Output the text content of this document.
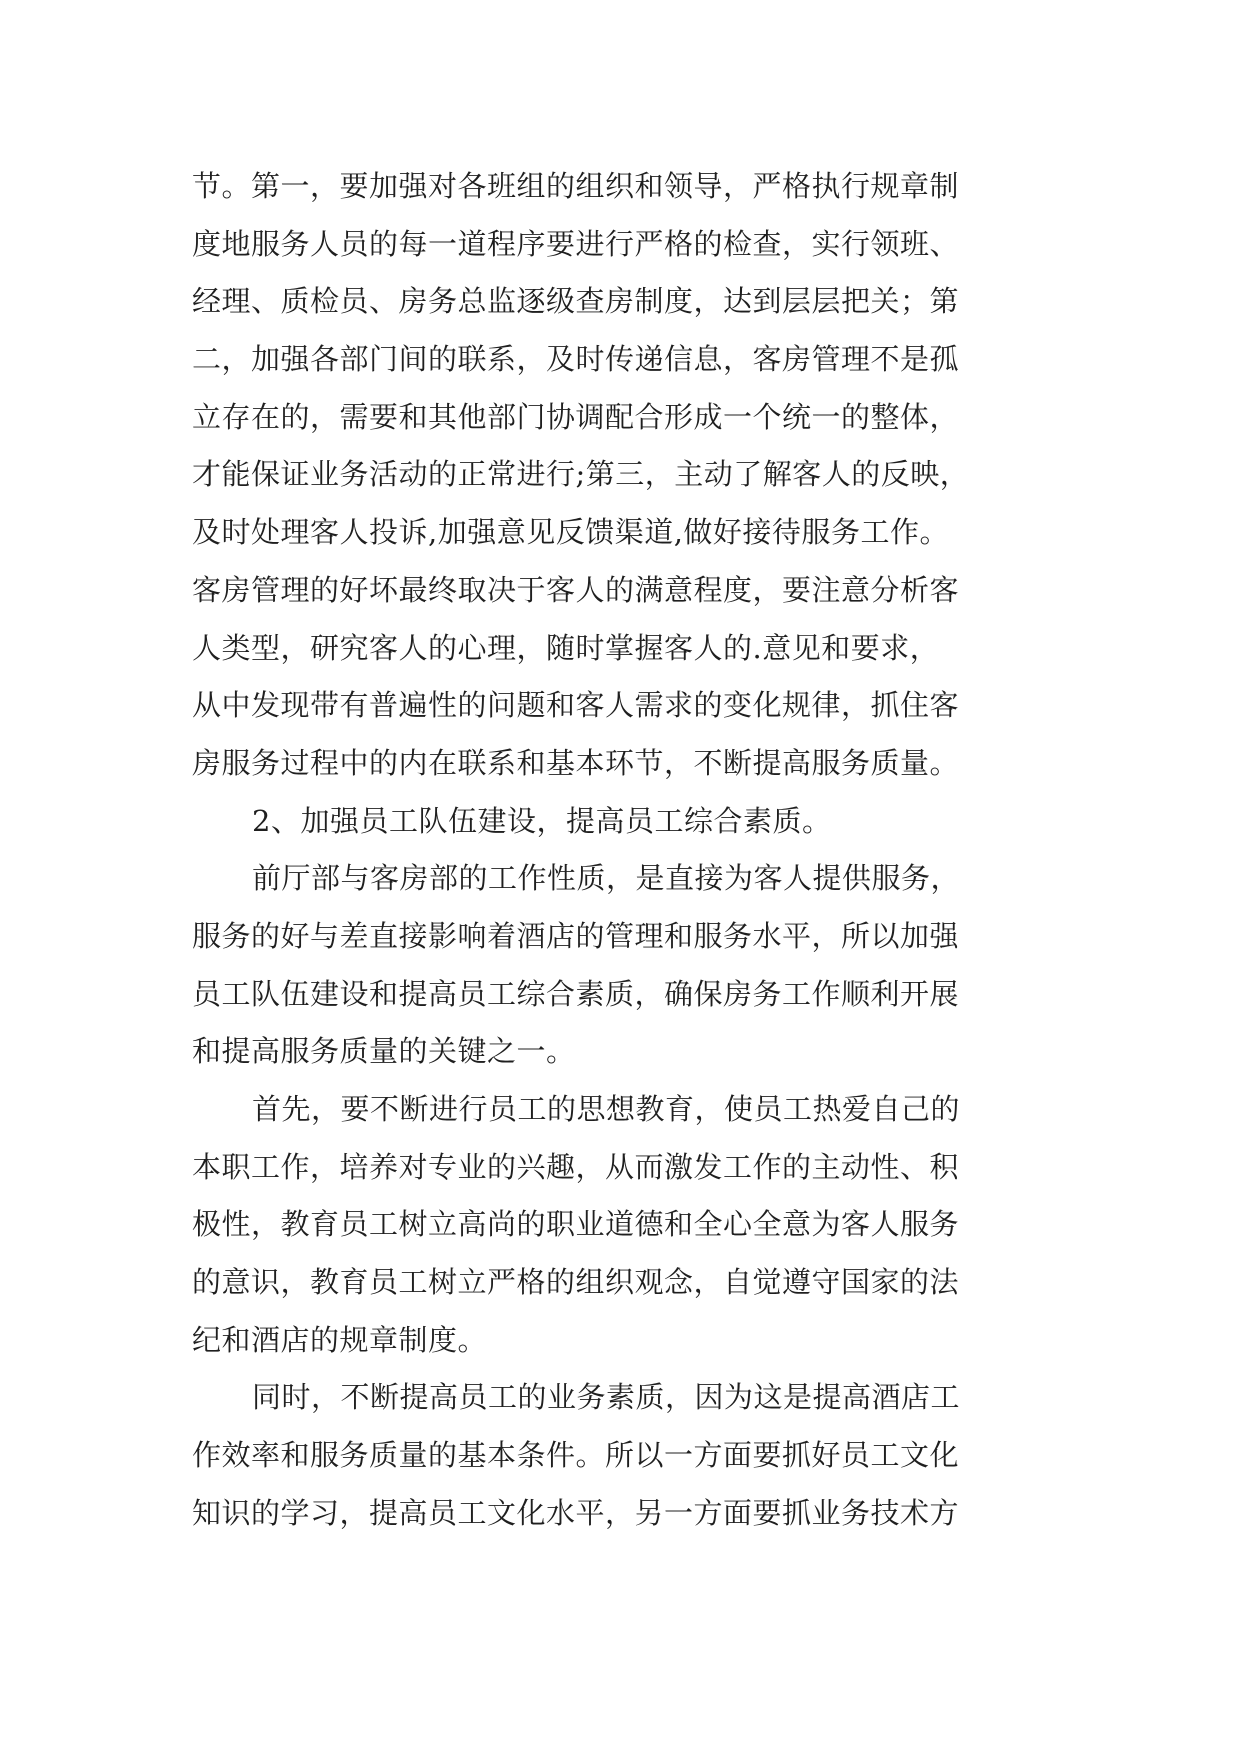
节。第一，要加强对各班组的组织和领导，严格执行规章制
度地服务人员的每一道程序要进行严格的检查，实行领班、
经理、质检员、房务总监逐级查房制度，达到层层把关；第
二，加强各部门间的联系，及时传递信息，客房管理不是孤
立存在的，需要和其他部门协调配合形成一个统一的整体，
才能保证业务活动的正常进行;第三，主动了解客人的反映，
及时处理客人投诉,加强意见反馈渠道,做好接待服务工作。
客房管理的好坏最终取决于客人的满意程度，要注意分析客
人类型，研究客人的心理，随时掌握客人的.意见和要求，
从中发现带有普遍性的问题和客人需求的变化规律，抓住客
房服务过程中的内在联系和基本环节，不断提高服务质量。
2、加强员工队伍建设，提高员工综合素质。
前厅部与客房部的工作性质，是直接为客人提供服务，
服务的好与差直接影响着酒店的管理和服务水平，所以加强
员工队伍建设和提高员工综合素质，确保房务工作顺利开展
和提高服务质量的关键之一。
首先，要不断进行员工的思想教育，使员工热爱自己的
本职工作，培养对专业的兴趣，从而激发工作的主动性、积
极性，教育员工树立高尚的职业道德和全心全意为客人服务
的意识，教育员工树立严格的组织观念，自觉遵守国家的法
纪和酒店的规章制度。
同时，不断提高员工的业务素质，因为这是提高酒店工
作效率和服务质量的基本条件。所以一方面要抓好员工文化
知识的学习，提高员工文化水平，另一方面要抓业务技术方
